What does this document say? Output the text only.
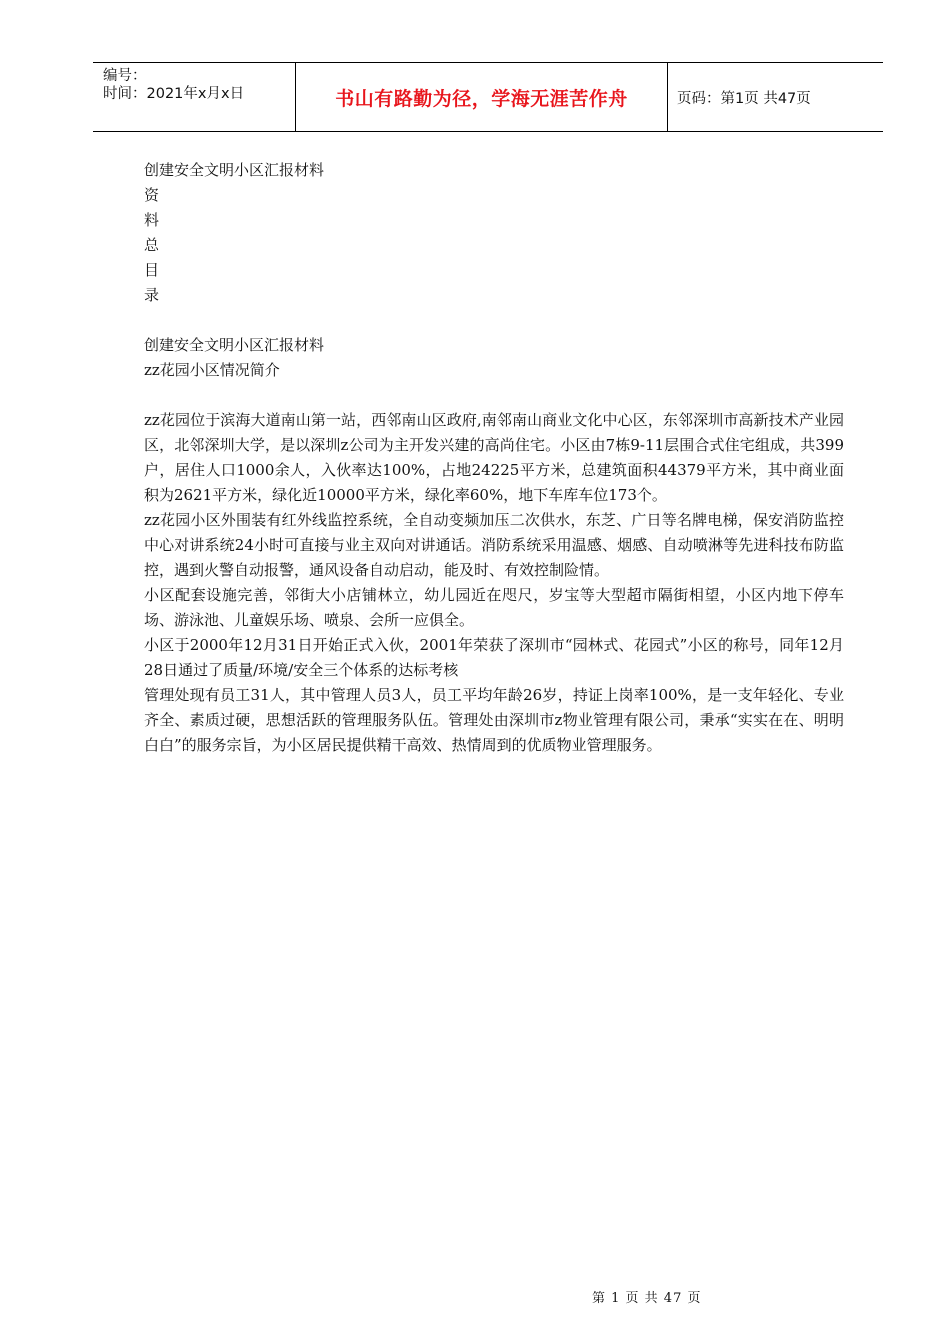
编号：
时间：2021年x月x日	书山有路勤为径，学海无涯苦作舟	页码：第1页 共47页

创建安全文明小区汇报材料

资

料

总

目

录

创建安全文明小区汇报材料

zz花园小区情况简介

zz花园位于滨海大道南山第一站，西邻南山区政府,南邻南山商业文化中心区，东邻深圳市高新技术产业园区，北邻深圳大学，是以深圳z公司为主开发兴建的高尚住宅。小区由7栋9-11层围合式住宅组成，共399户，居住人口1000余人，入伙率达100%，占地24225平方米，总建筑面积44379平方米，其中商业面积为2621平方米，绿化近10000平方米，绿化率60%，地下车库车位173个。

zz花园小区外围装有红外线监控系统，全自动变频加压二次供水，东芝、广日等名牌电梯，保安消防监控中心对讲系统24小时可直接与业主双向对讲通话。消防系统采用温感、烟感、自动喷淋等先进科技布防监控，遇到火警自动报警，通风设备自动启动，能及时、有效控制险情。

小区配套设施完善，邻街大小店铺林立，幼儿园近在咫尺，岁宝等大型超市隔街相望，小区内地下停车场、游泳池、儿童娱乐场、喷泉、会所一应俱全。

小区于2000年12月31日开始正式入伙，2001年荣获了深圳市“园林式、花园式”小区的称号，同年12月28日通过了质量/环境/安全三个体系的达标考核

管理处现有员工31人，其中管理人员3人，员工平均年龄26岁，持证上岗率100%，是一支年轻化、专业齐全、素质过硬，思想活跃的管理服务队伍。管理处由深圳市z物业管理有限公司，秉承“实实在在、明明白白”的服务宗旨，为小区居民提供精干高效、热情周到的优质物业管理服务。

第 1 页 共 47 页
